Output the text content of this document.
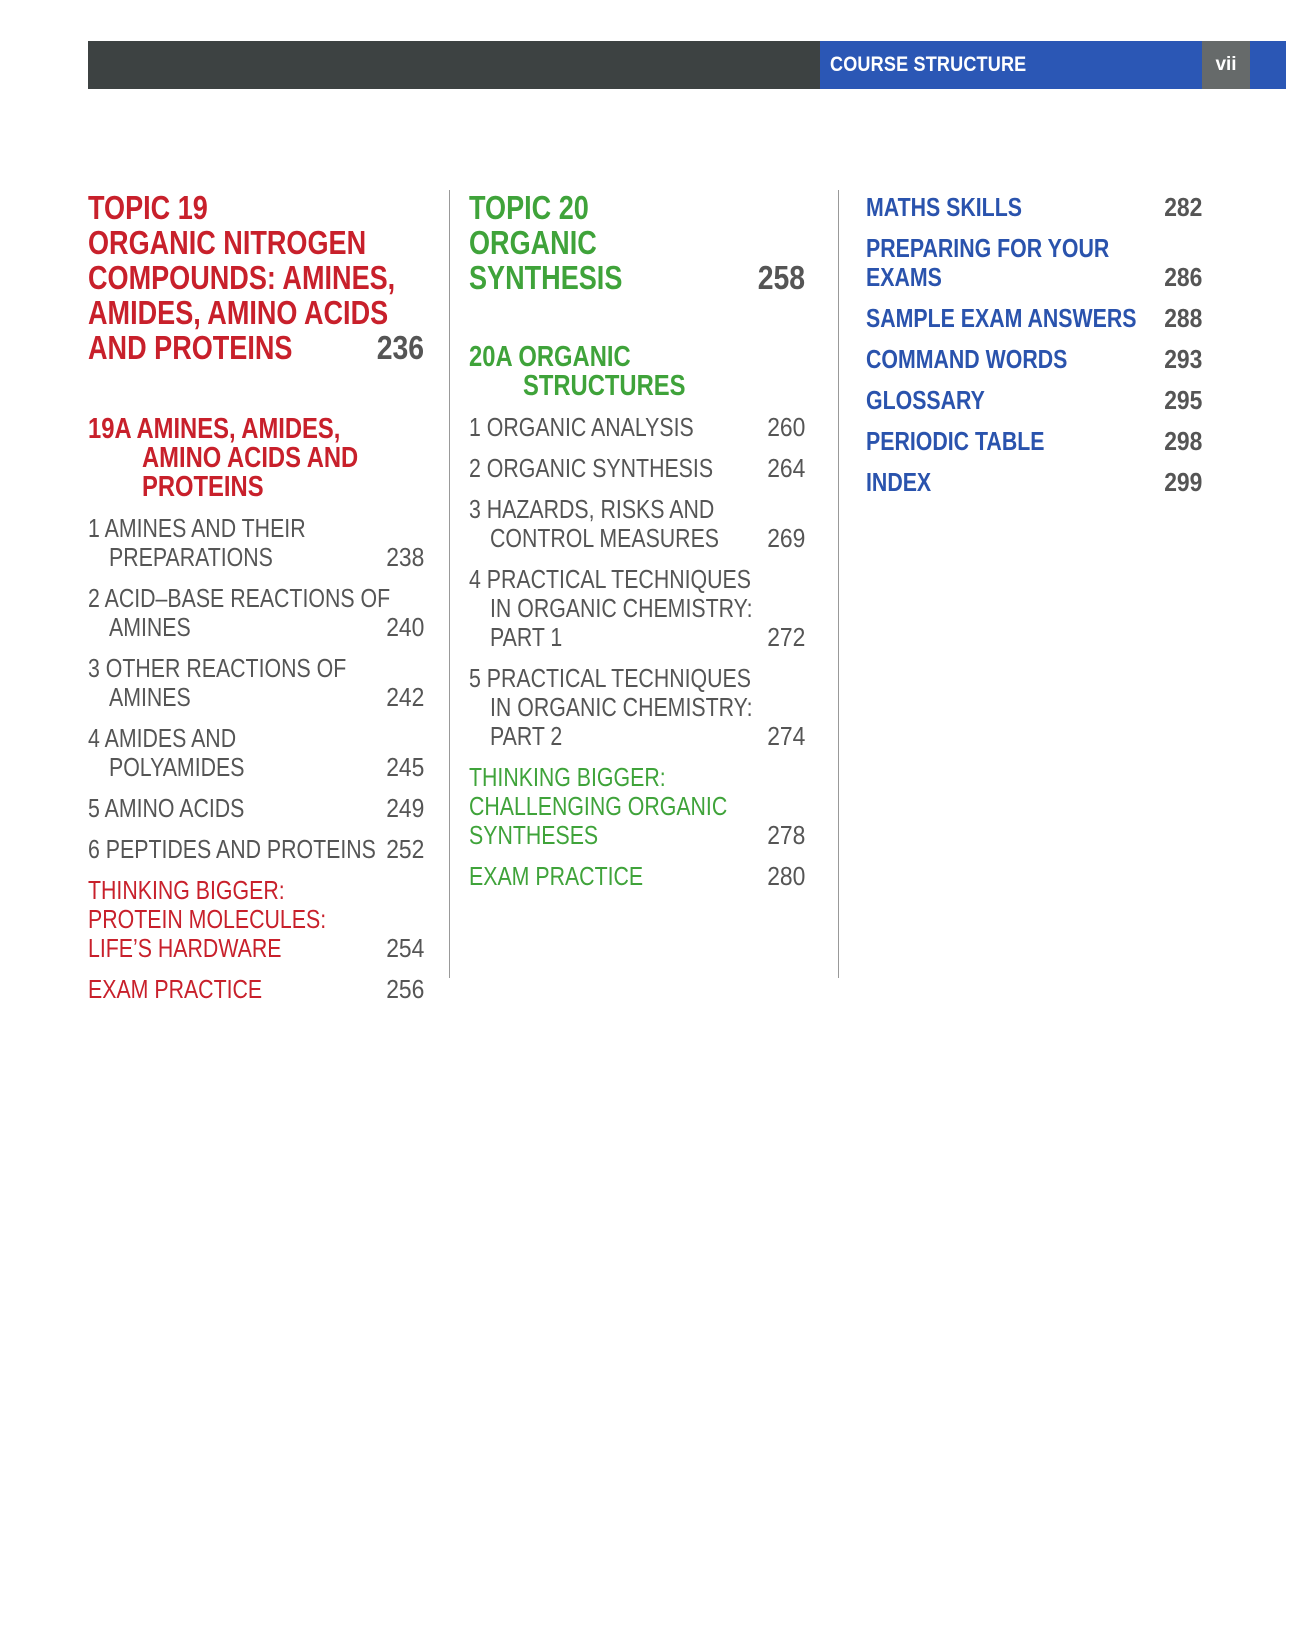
COURSE STRUCTURE	vii
TOPIC 19
ORGANIC NITROGEN
COMPOUNDS: AMINES,
AMIDES, AMINO ACIDS
AND PROTEINS	236
19A AMINES, AMIDES,
AMINO ACIDS AND
PROTEINS
1 AMINES AND THEIR
PREPARATIONS	238
2 ACID–BASE REACTIONS OF
AMINES	240
3 OTHER REACTIONS OF
AMINES	242
4 AMIDES AND
POLYAMIDES	245
5 AMINO ACIDS	249
6 PEPTIDES AND PROTEINS 252
THINKING BIGGER:
PROTEIN MOLECULES:
LIFE’S HARDWARE	254
EXAM PRACTICE	256
TOPIC 20
ORGANIC
SYNTHESIS	258
20A ORGANIC
STRUCTURES
1 ORGANIC ANALYSIS	260
2 ORGANIC SYNTHESIS 264
3 HAZARDS, RISKS AND
CONTROL MEASURES	269
4 PRACTICAL TECHNIQUES
IN ORGANIC CHEMISTRY:
PART 1	272
5 PRACTICAL TECHNIQUES
IN ORGANIC CHEMISTRY:
PART 2	274
THINKING BIGGER:
CHALLENGING ORGANIC
SYNTHESES	278
EXAM PRACTICE	280
MATHS SKILLS	282
PREPARING FOR YOUR
EXAMS	286
SAMPLE EXAM ANSWERS 288
COMMAND WORDS	293
GLOSSARY	295
PERIODIC TABLE	298
INDEX	299
